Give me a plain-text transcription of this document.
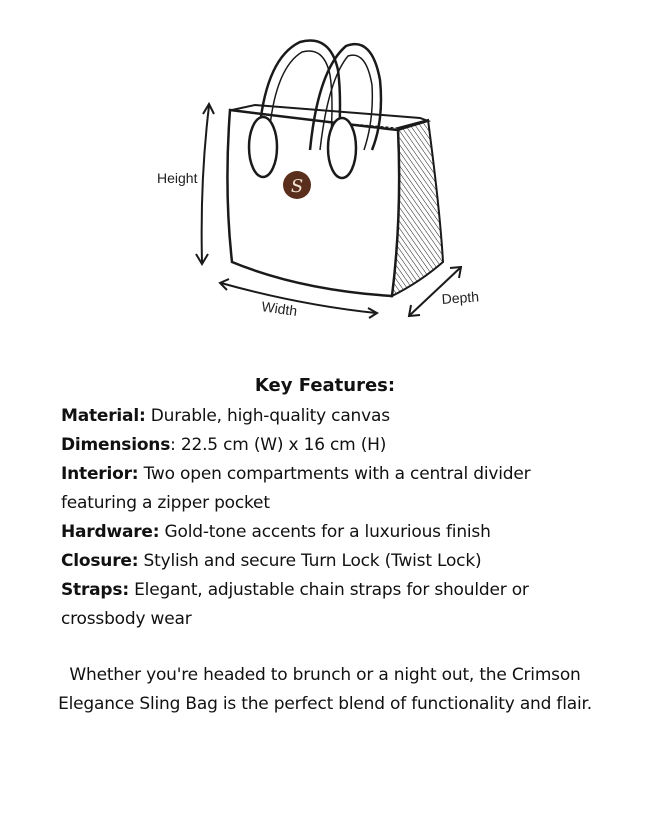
S
Height
Width
Depth
Key Features:
Material: Durable, high-quality canvas
Dimensions: 22.5 cm (W) x 16 cm (H)
Interior: Two open compartments with a central divider featuring a zipper pocket
Hardware: Gold-tone accents for a luxurious finish
Closure: Stylish and secure Turn Lock (Twist Lock)
Straps: Elegant, adjustable chain straps for shoulder or crossbody wear
Whether you're headed to brunch or a night out, the Crimson Elegance Sling Bag is the perfect blend of functionality and flair.
